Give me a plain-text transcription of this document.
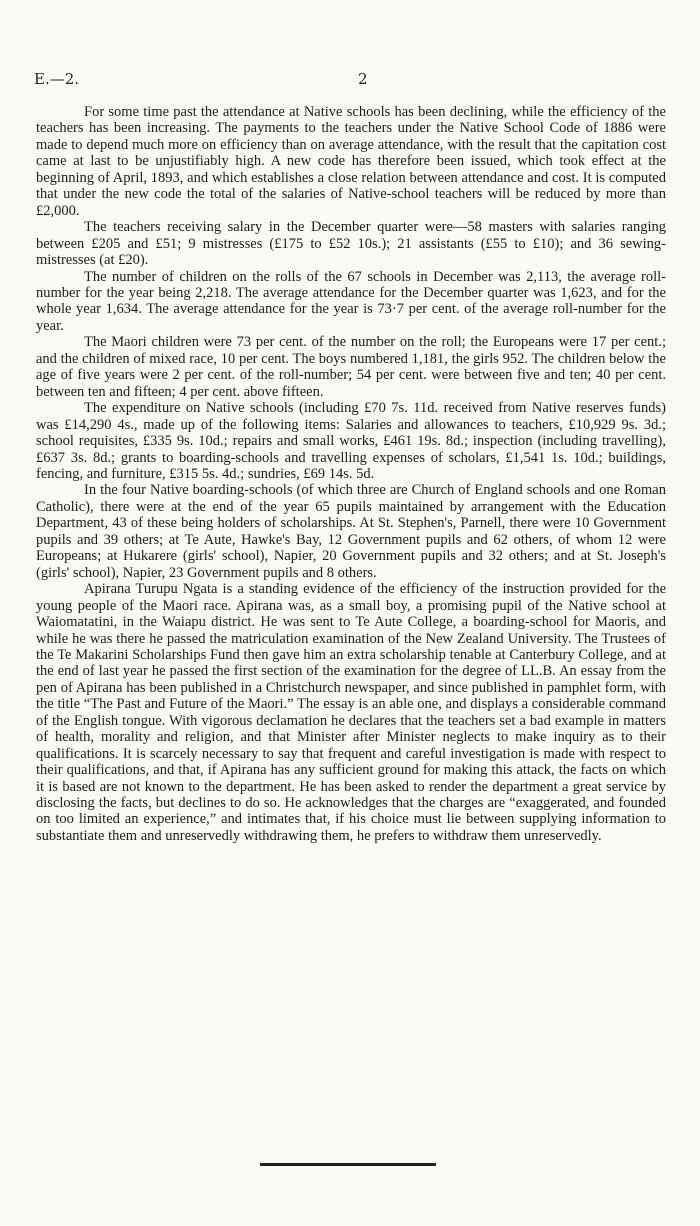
E.—2.	2

For some time past the attendance at Native schools has been declining, while the efficiency of the teachers has been increasing. The payments to the teachers under the Native School Code of 1886 were made to depend much more on efficiency than on average attendance, with the result that the capitation cost came at last to be unjustifiably high. A new code has therefore been issued, which took effect at the beginning of April, 1893, and which establishes a close relation between attendance and cost. It is computed that under the new code the total of the salaries of Native-school teachers will be reduced by more than £2,000.

The teachers receiving salary in the December quarter were—58 masters with salaries ranging between £205 and £51; 9 mistresses (£175 to £52 10s.); 21 assistants (£55 to £10); and 36 sewing-mistresses (at £20).

The number of children on the rolls of the 67 schools in December was 2,113, the average roll-number for the year being 2,218. The average attendance for the December quarter was 1,623, and for the whole year 1,634. The average attendance for the year is 73·7 per cent. of the average roll-number for the year.

The Maori children were 73 per cent. of the number on the roll; the Europeans were 17 per cent.; and the children of mixed race, 10 per cent. The boys numbered 1,181, the girls 952. The children below the age of five years were 2 per cent. of the roll-number; 54 per cent. were between five and ten; 40 per cent. between ten and fifteen; 4 per cent. above fifteen.

The expenditure on Native schools (including £70 7s. 11d. received from Native reserves funds) was £14,290 4s., made up of the following items: Salaries and allowances to teachers, £10,929 9s. 3d.; school requisites, £335 9s. 10d.; repairs and small works, £461 19s. 8d.; inspection (including travelling), £637 3s. 8d.; grants to boarding-schools and travelling expenses of scholars, £1,541 1s. 10d.; buildings, fencing, and furniture, £315 5s. 4d.; sundries, £69 14s. 5d.

In the four Native boarding-schools (of which three are Church of England schools and one Roman Catholic), there were at the end of the year 65 pupils maintained by arrangement with the Education Department, 43 of these being holders of scholarships. At St. Stephen's, Parnell, there were 10 Government pupils and 39 others; at Te Aute, Hawke's Bay, 12 Government pupils and 62 others, of whom 12 were Europeans; at Hukarere (girls' school), Napier, 20 Government pupils and 32 others; and at St. Joseph's (girls' school), Napier, 23 Government pupils and 8 others.

Apirana Turupu Ngata is a standing evidence of the efficiency of the instruction provided for the young people of the Maori race. Apirana was, as a small boy, a promising pupil of the Native school at Waiomatatini, in the Waiapu district. He was sent to Te Aute College, a boarding-school for Maoris, and while he was there he passed the matriculation examination of the New Zealand University. The Trustees of the Te Makarini Scholarships Fund then gave him an extra scholarship tenable at Canterbury College, and at the end of last year he passed the first section of the examination for the degree of LL.B. An essay from the pen of Apirana has been published in a Christchurch newspaper, and since published in pamphlet form, with the title “The Past and Future of the Maori.” The essay is an able one, and displays a considerable command of the English tongue. With vigorous declamation he declares that the teachers set a bad example in matters of health, morality and religion, and that Minister after Minister neglects to make inquiry as to their qualifications. It is scarcely necessary to say that frequent and careful investigation is made with respect to their qualifications, and that, if Apirana has any sufficient ground for making this attack, the facts on which it is based are not known to the department. He has been asked to render the department a great service by disclosing the facts, but declines to do so. He acknowledges that the charges are “exaggerated, and founded on too limited an experience,” and intimates that, if his choice must lie between supplying information to substantiate them and unreservedly withdrawing them, he prefers to withdraw them unreservedly.
